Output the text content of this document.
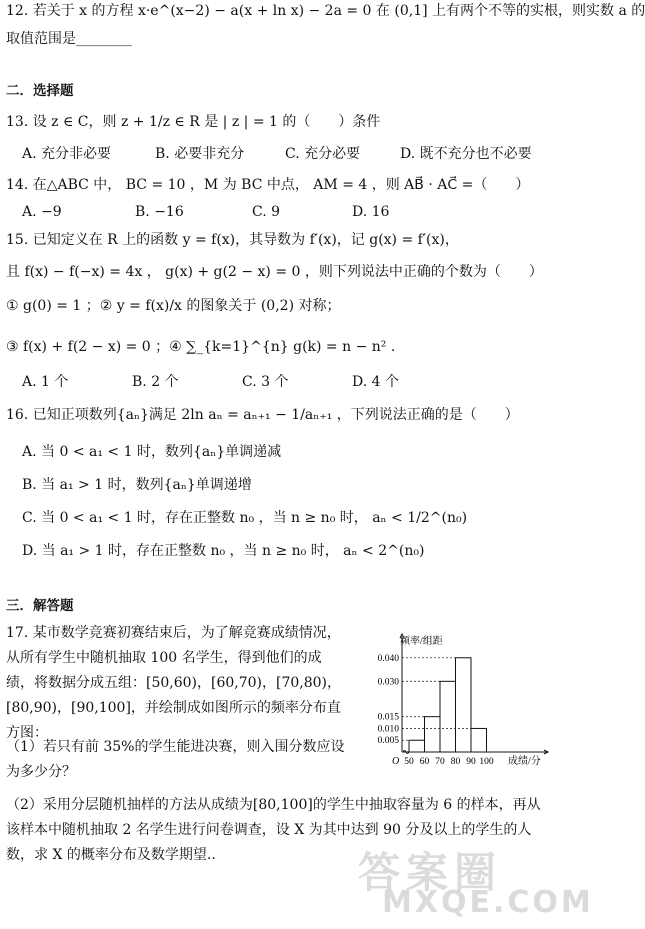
12. 若关于 x 的方程 x·e^(x−2) − a(x + ln x) − 2a = 0 在 (0,1] 上有两个不等的实根，则实数 a 的
取值范围是________
二．选择题
13. 设 z ∈ C，则 z + 1/z ∈ R 是 | z | = 1 的（　　）条件
A. 充分非必要	B. 必要非充分	C. 充分必要	D. 既不充分也不必要
14. 在△ABC 中， BC = 10 ，M 为 BC 中点， AM = 4 ，则 AB⃗ · AC⃗ =（　　）
A. −9	B. −16	C. 9	D. 16
15. 已知定义在 R 上的函数 y = f(x)，其导数为 f′(x)，记 g(x) = f′(x)，
且 f(x) − f(−x) = 4x ， g(x) + g(2 − x) = 0 ，则下列说法中正确的个数为（　　）
① g(0) = 1 ；② y = f(x)/x 的图象关于 (0,2) 对称；
③ f(x) + f(2 − x) = 0 ；④ ∑_{k=1}^{n} g(k) = n − n² .
A. 1 个	B. 2 个	C. 3 个	D. 4 个
16. 已知正项数列{aₙ}满足 2ln aₙ = aₙ₊₁ − 1/aₙ₊₁ ，下列说法正确的是（　　）
A. 当 0 < a₁ < 1 时，数列{aₙ}单调递减
B. 当 a₁ > 1 时，数列{aₙ}单调递增
C. 当 0 < a₁ < 1 时，存在正整数 n₀ ，当 n ≥ n₀ 时， aₙ < 1/2^(n₀)
D. 当 a₁ > 1 时，存在正整数 n₀ ，当 n ≥ n₀ 时， aₙ < 2^(n₀)
三．解答题
17. 某市数学竞赛初赛结束后，为了解竞赛成绩情况，从所有学生中随机抽取 100 名学生，得到他们的成绩，将数据分成五组：[50,60)，[60,70)，[70,80)，[80,90)，[90,100]，并绘制成如图所示的频率分布直方图：
（1）若只有前 35%的学生能进决赛，则入围分数应设为多少分？
（2）采用分层随机抽样的方法从成绩为[80,100]的学生中抽取容量为 6 的样本，再从该样本中随机抽取 2 名学生进行问卷调查，设 X 为其中达到 90 分及以上的学生的人数，求 X 的概率分布及数学期望..
频率/组距
成绩/分
O
0.005
0.010
0.015
0.030
0.040
50 60 70 80 90 100
答案圈
MXQE.COM
